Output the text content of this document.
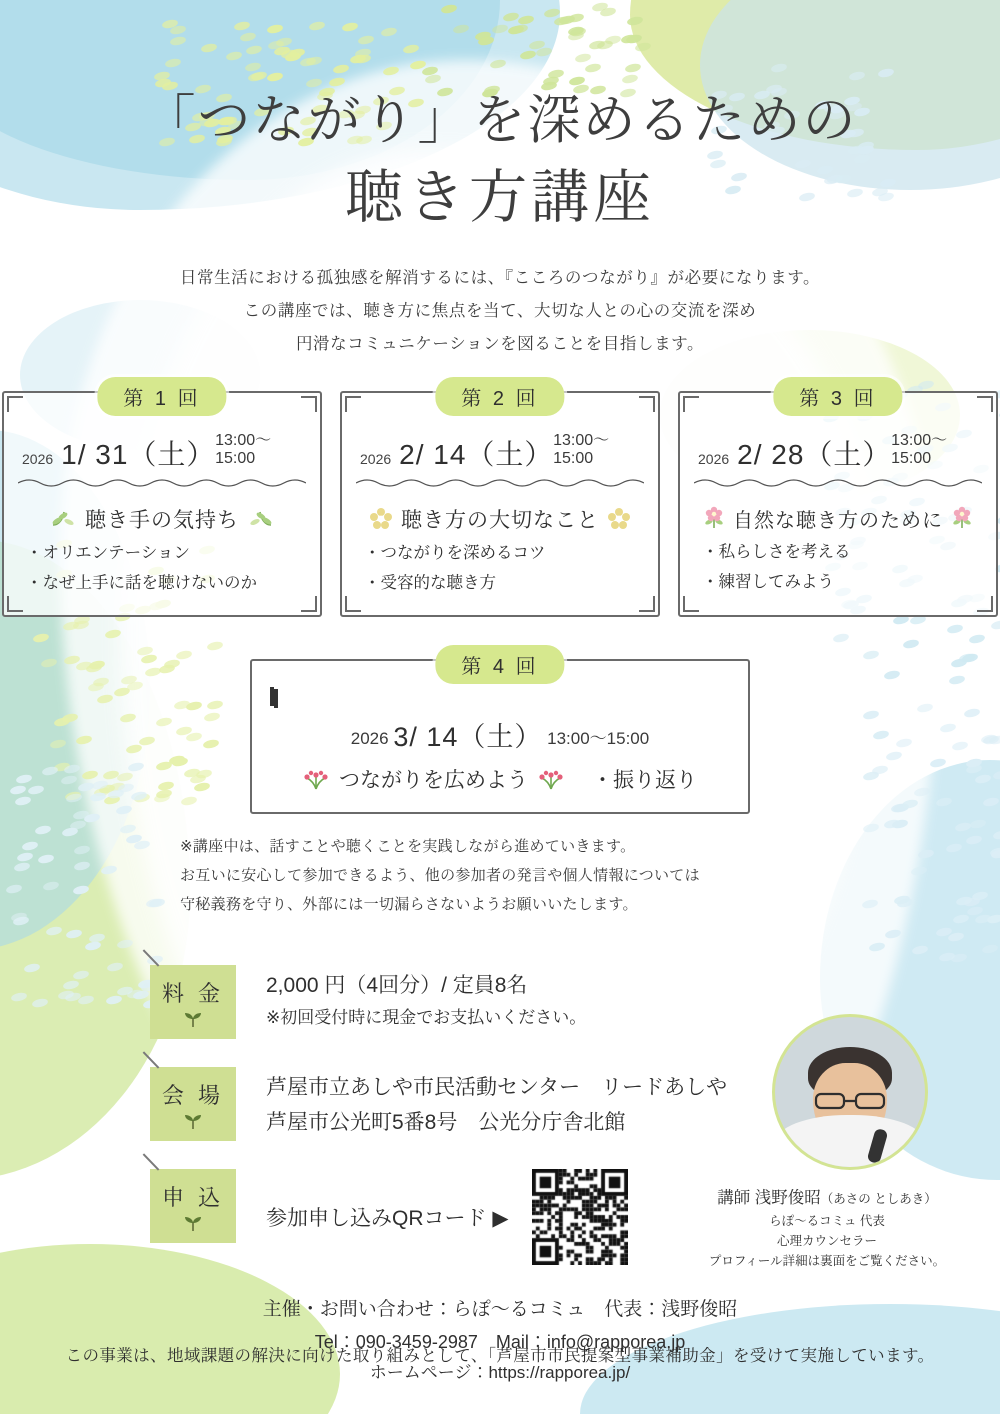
「つながり」を深めるための
聴き方講座
日常生活における孤独感を解消するには、『こころのつながり』が必要になります。
この講座では、聴き方に焦点を当て、大切な人との心の交流を深め
円滑なコミュニケーションを図ることを目指します。
第 1 回
2026 1/ 31（土） 13:00〜15:00
聴き手の気持ち
・オリエンテーション
・なぜ上手に話を聴けないのか
第 2 回
2026 2/ 14（土） 13:00〜15:00
聴き方の大切なこと
・つながりを深めるコツ
・受容的な聴き方
第 3 回
2026 2/ 28（土） 13:00〜15:00
自然な聴き方のために
・私らしさを考える
・練習してみよう
第 4 回
2026 3/ 14（土） 13:00〜15:00
つながりを広めよう	・振り返り
※講座中は、話すことや聴くことを実践しながら進めていきます。
お互いに安心して参加できるよう、他の参加者の発言や個人情報については
守秘義務を守り、外部には一切漏らさないようお願いいたします。
料 金 2,000 円（4回分）/ 定員8名
※初回受付時に現金でお支払いください。
会 場 芦屋市立あしや市民活動センター　リードあしや
芦屋市公光町5番8号　公光分庁舎北館
申 込
参加申し込みQRコード ▶
主催・お問い合わせ：らぽ〜るコミュ　代表：浅野俊昭
Tel：090-3459-2987　Mail：info@rapporea.jp
ホームページ：https://rapporea.jp/
この事業は、地域課題の解決に向けた取り組みとして、「芦屋市市民提案型事業補助金」を受けて実施しています。
講師 浅野俊昭（あさの としあき）
らぽ〜るコミュ 代表
心理カウンセラー
プロフィール詳細は裏面をご覧ください。
